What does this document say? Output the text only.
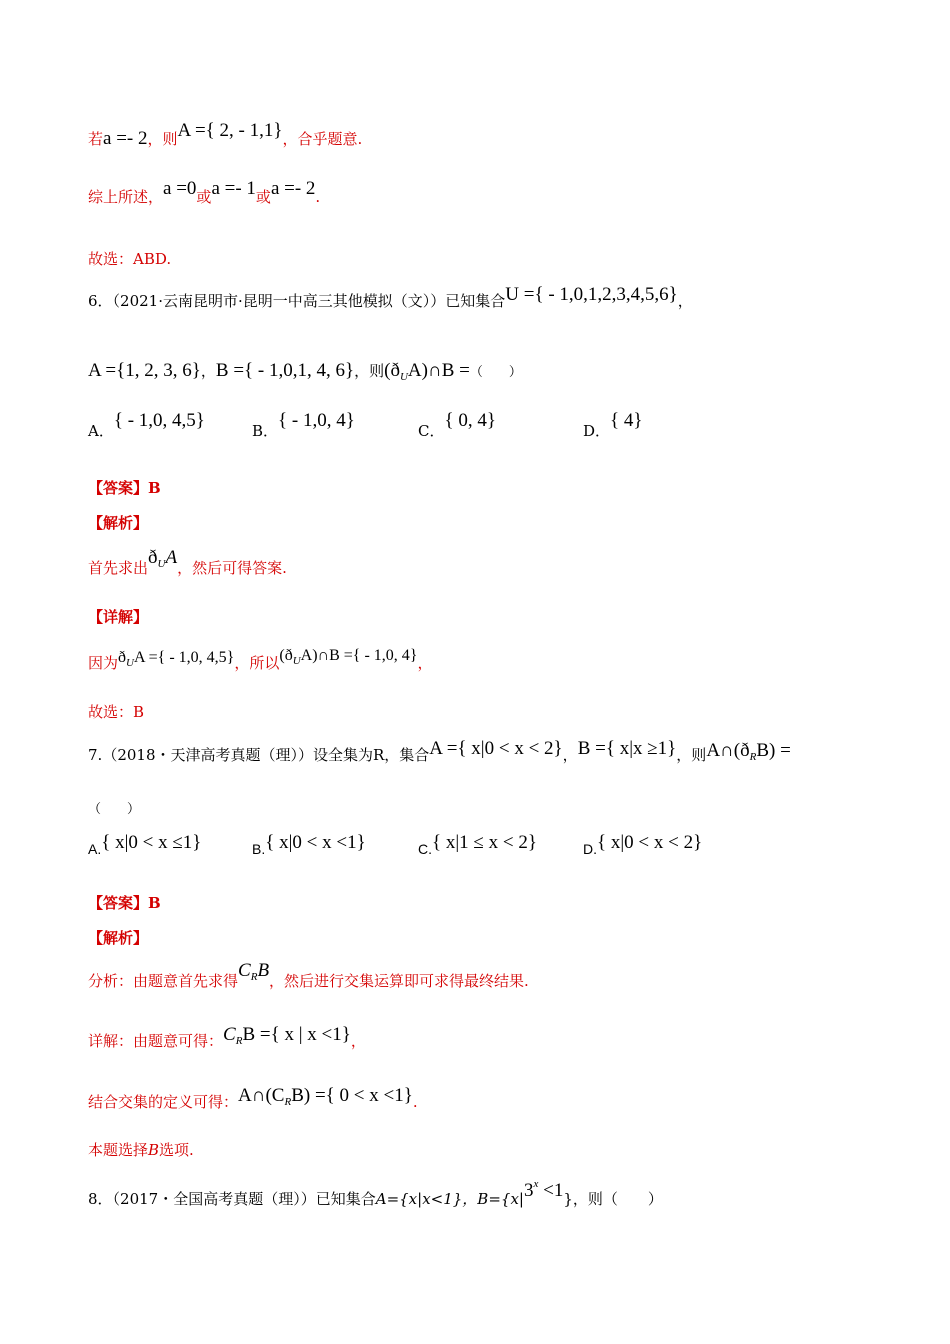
若a =- 2，则A ={ 2, - 1,1}，合乎题意.
综上所述，a =0或a =- 1或a =- 2.
故选：ABD.
6．（2021·云南昆明市·昆明一中高三其他模拟（文））已知集合U ={ - 1,0,1,2,3,4,5,6}，
A ={1, 2, 3, 6}，B ={ - 1,0,1, 4, 6}，则$(ð_UA)\cap B$ =（　　）
A．{ - 1,0, 4,5}	B．{ - 1,0, 4}	C．{ 0, 4}	D．{ 4}
【答案】B
【解析】
首先求出$ð_UA$，然后可得答案.
【详解】
因为$ð_UA$ ={ - 1,0, 4,5}，所以$(ð_UA)\cap B$ ={ - 1,0, 4}，
故选：B
7.（2018・天津高考真题（理））设全集为R，集合A ={ x|0 < x < 2}，B ={ x|x ≥1}，则$A\cap(ð_RB)$ =
（　　）
A.{ x|0 < x ≤1}	B.{ x|0 < x <1}	C.{ x|1 ≤ x < 2}	D.{ x|0 < x < 2}
【答案】B
【解析】
分析：由题意首先求得$C_RB$，然后进行交集运算即可求得最终结果.
详解：由题意可得：$C_RB$ ={ x | x <1}，
结合交集的定义可得：$A\cap(C_RB)$ ={ 0 < x <1}.
本题选择B选项.
8．（2017・全国高考真题（理））已知集合A={x|x<1}，$B=\{x|3^x <1\}$，则（　　）
